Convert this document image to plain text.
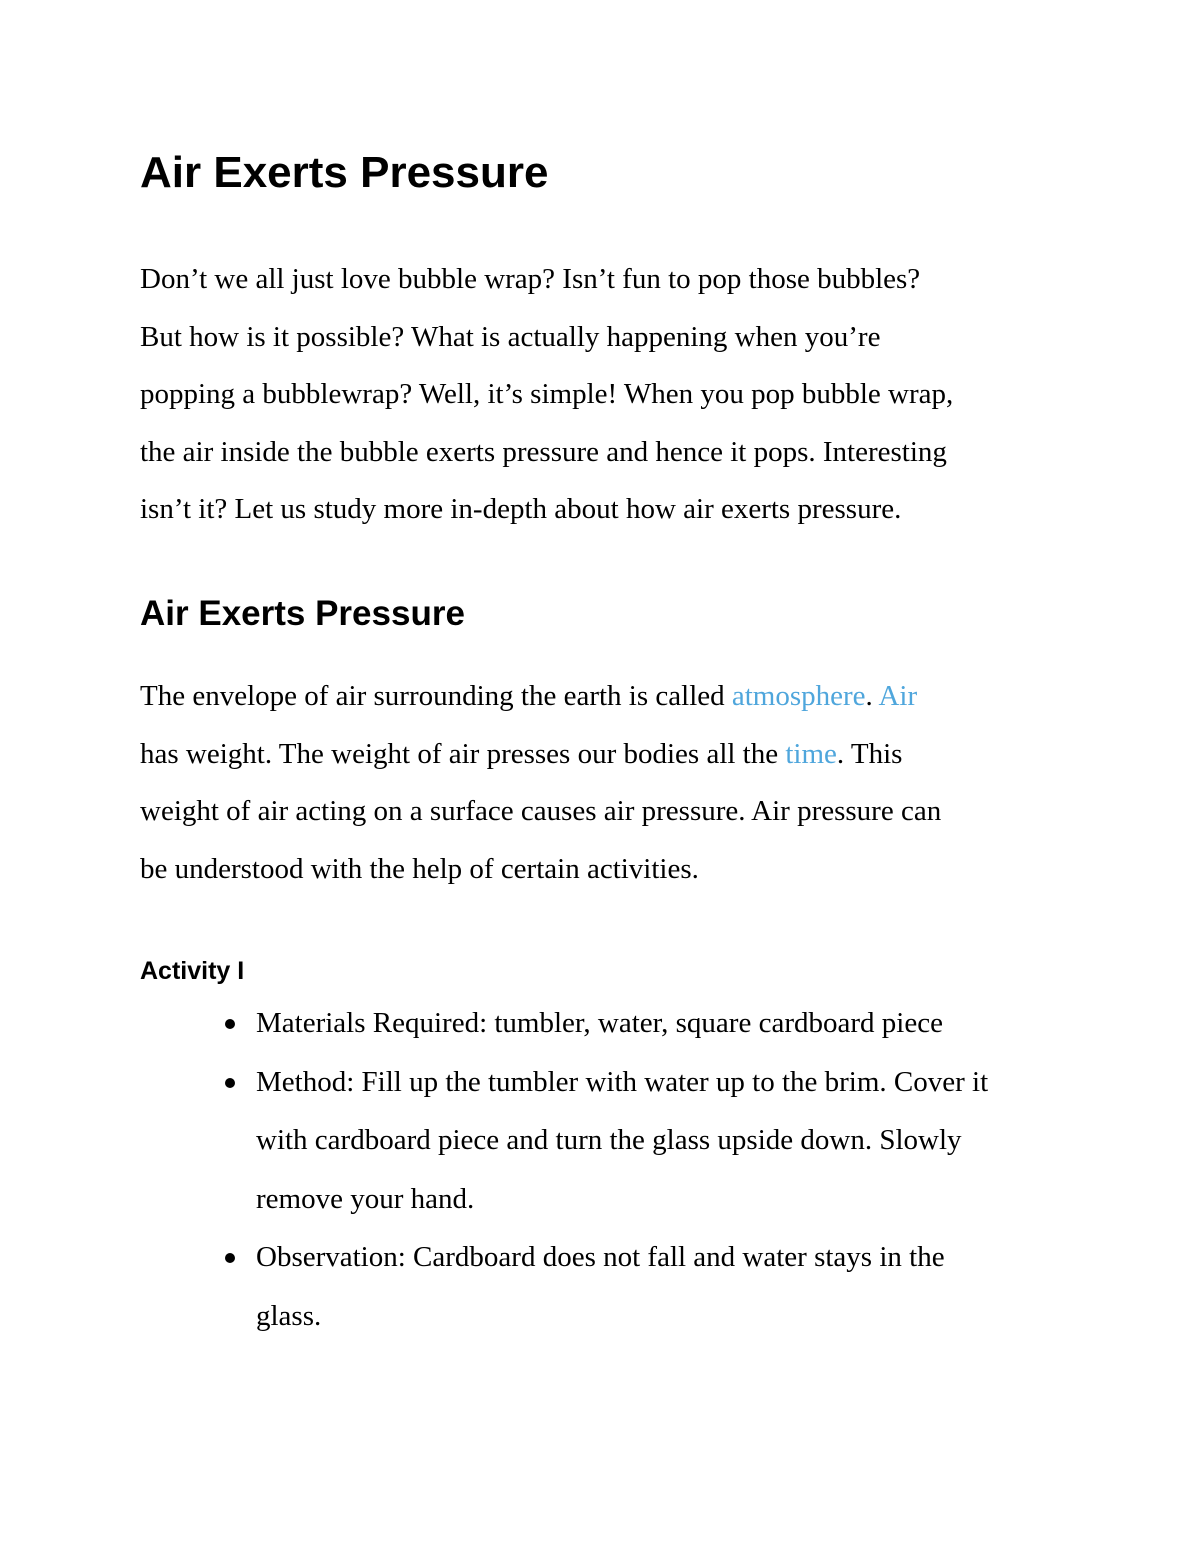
Air Exerts Pressure

Don’t we all just love bubble wrap? Isn’t fun to pop those bubbles?
But how is it possible? What is actually happening when you’re
popping a bubblewrap? Well, it’s simple! When you pop bubble wrap,
the air inside the bubble exerts pressure and hence it pops. Interesting
isn’t it? Let us study more in-depth about how air exerts pressure.

Air Exerts Pressure

The envelope of air surrounding the earth is called atmosphere. Air
has weight. The weight of air presses our bodies all the time. This
weight of air acting on a surface causes air pressure. Air pressure can
be understood with the help of certain activities.

Activity I
Materials Required: tumbler, water, square cardboard piece
Method: Fill up the tumbler with water up to the brim. Cover it
with cardboard piece and turn the glass upside down. Slowly
remove your hand.
Observation: Cardboard does not fall and water stays in the
glass.
